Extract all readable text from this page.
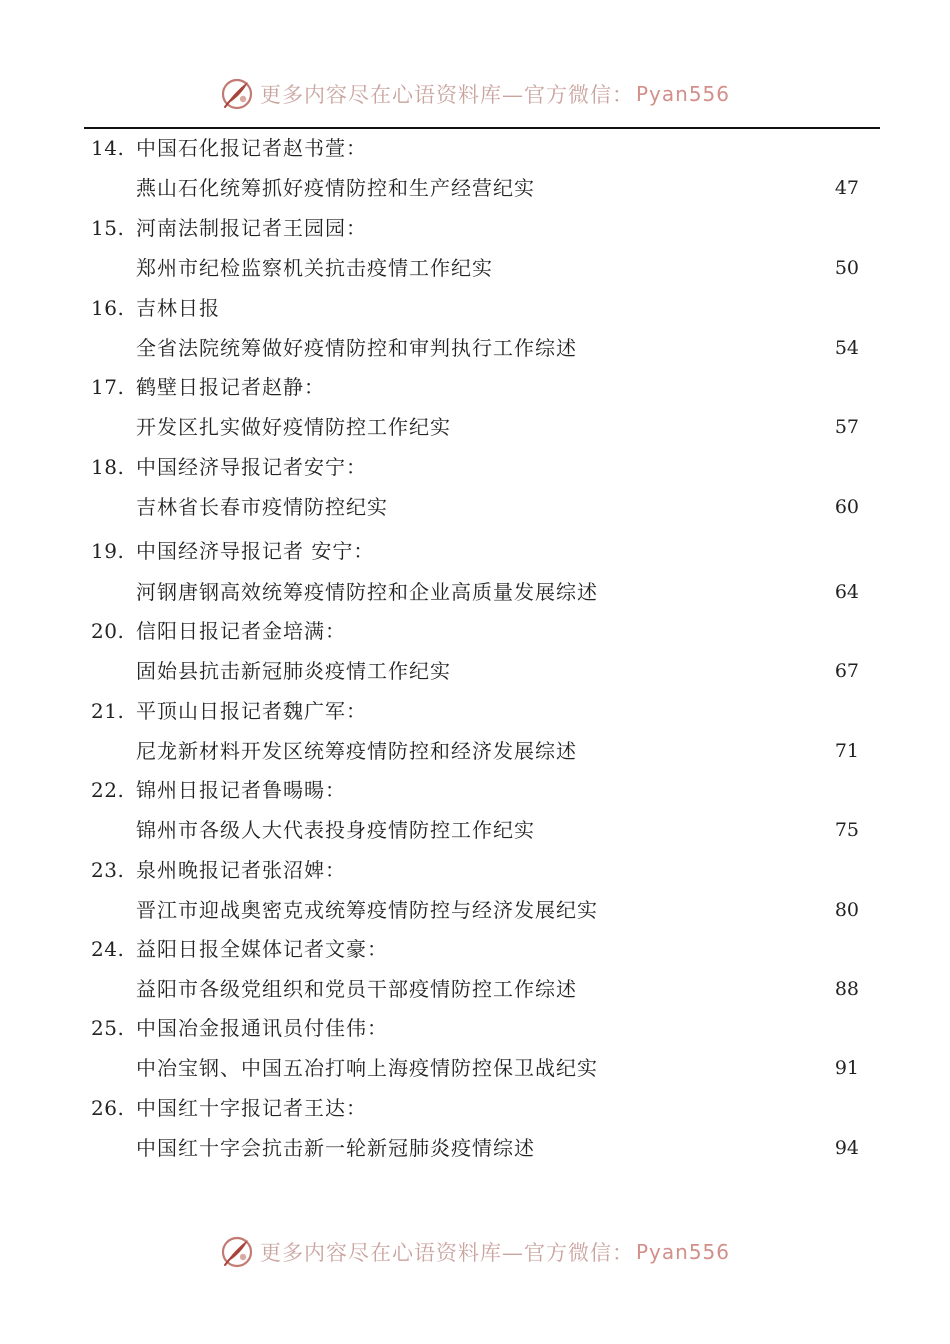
更多内容尽在心语资料库—官方微信： Pyan556
14. 中国石化报记者赵书萱：
燕山石化统筹抓好疫情防控和生产经营纪实	47
15. 河南法制报记者王园园：
郑州市纪检监察机关抗击疫情工作纪实	50
16. 吉林日报
全省法院统筹做好疫情防控和审判执行工作综述	54
17. 鹤壁日报记者赵静：
开发区扎实做好疫情防控工作纪实	57
18. 中国经济导报记者安宁：
吉林省长春市疫情防控纪实	60
19. 中国经济导报记者 安宁：
河钢唐钢高效统筹疫情防控和企业高质量发展综述	64
20. 信阳日报记者金培满：
固始县抗击新冠肺炎疫情工作纪实	67
21. 平顶山日报记者魏广军：
尼龙新材料开发区统筹疫情防控和经济发展综述	71
22. 锦州日报记者鲁暘暘：
锦州市各级人大代表投身疫情防控工作纪实	75
23. 泉州晚报记者张沼婢：
晋江市迎战奥密克戎统筹疫情防控与经济发展纪实	80
24. 益阳日报全媒体记者文豪：
益阳市各级党组织和党员干部疫情防控工作综述	88
25. 中国冶金报通讯员付佳伟：
中冶宝钢、中国五冶打响上海疫情防控保卫战纪实	91
26. 中国红十字报记者王达：
中国红十字会抗击新一轮新冠肺炎疫情综述	94
更多内容尽在心语资料库—官方微信： Pyan556
